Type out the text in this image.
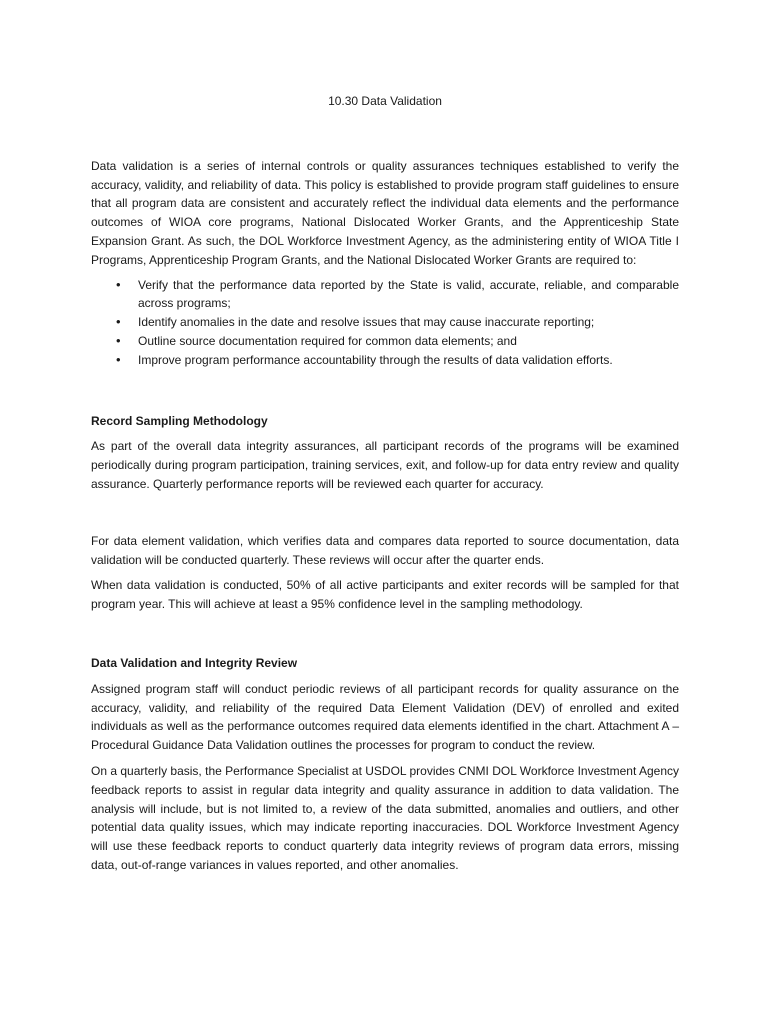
10.30 Data Validation

Data validation is a series of internal controls or quality assurances techniques established to verify the accuracy, validity, and reliability of data. This policy is established to provide program staff guidelines to ensure that all program data are consistent and accurately reflect the individual data elements and the performance outcomes of WIOA core programs, National Dislocated Worker Grants, and the Apprenticeship State Expansion Grant. As such, the DOL Workforce Investment Agency, as the administering entity of WIOA Title I Programs, Apprenticeship Program Grants, and the National Dislocated Worker Grants are required to:

• Verify that the performance data reported by the State is valid, accurate, reliable, and comparable across programs;
• Identify anomalies in the date and resolve issues that may cause inaccurate reporting;
• Outline source documentation required for common data elements; and
• Improve program performance accountability through the results of data validation efforts.
Record Sampling Methodology

As part of the overall data integrity assurances, all participant records of the programs will be examined periodically during program participation, training services, exit, and follow-up for data entry review and quality assurance. Quarterly performance reports will be reviewed each quarter for accuracy.

For data element validation, which verifies data and compares data reported to source documentation, data validation will be conducted quarterly. These reviews will occur after the quarter ends.

When data validation is conducted, 50% of all active participants and exiter records will be sampled for that program year. This will achieve at least a 95% confidence level in the sampling methodology.

Data Validation and Integrity Review

Assigned program staff will conduct periodic reviews of all participant records for quality assurance on the accuracy, validity, and reliability of the required Data Element Validation (DEV) of enrolled and exited individuals as well as the performance outcomes required data elements identified in the chart. Attachment A – Procedural Guidance Data Validation outlines the processes for program to conduct the review.

On a quarterly basis, the Performance Specialist at USDOL provides CNMI DOL Workforce Investment Agency feedback reports to assist in regular data integrity and quality assurance in addition to data validation. The analysis will include, but is not limited to, a review of the data submitted, anomalies and outliers, and other potential data quality issues, which may indicate reporting inaccuracies. DOL Workforce Investment Agency will use these feedback reports to conduct quarterly data integrity reviews of program data errors, missing data, out-of-range variances in values reported, and other anomalies.
